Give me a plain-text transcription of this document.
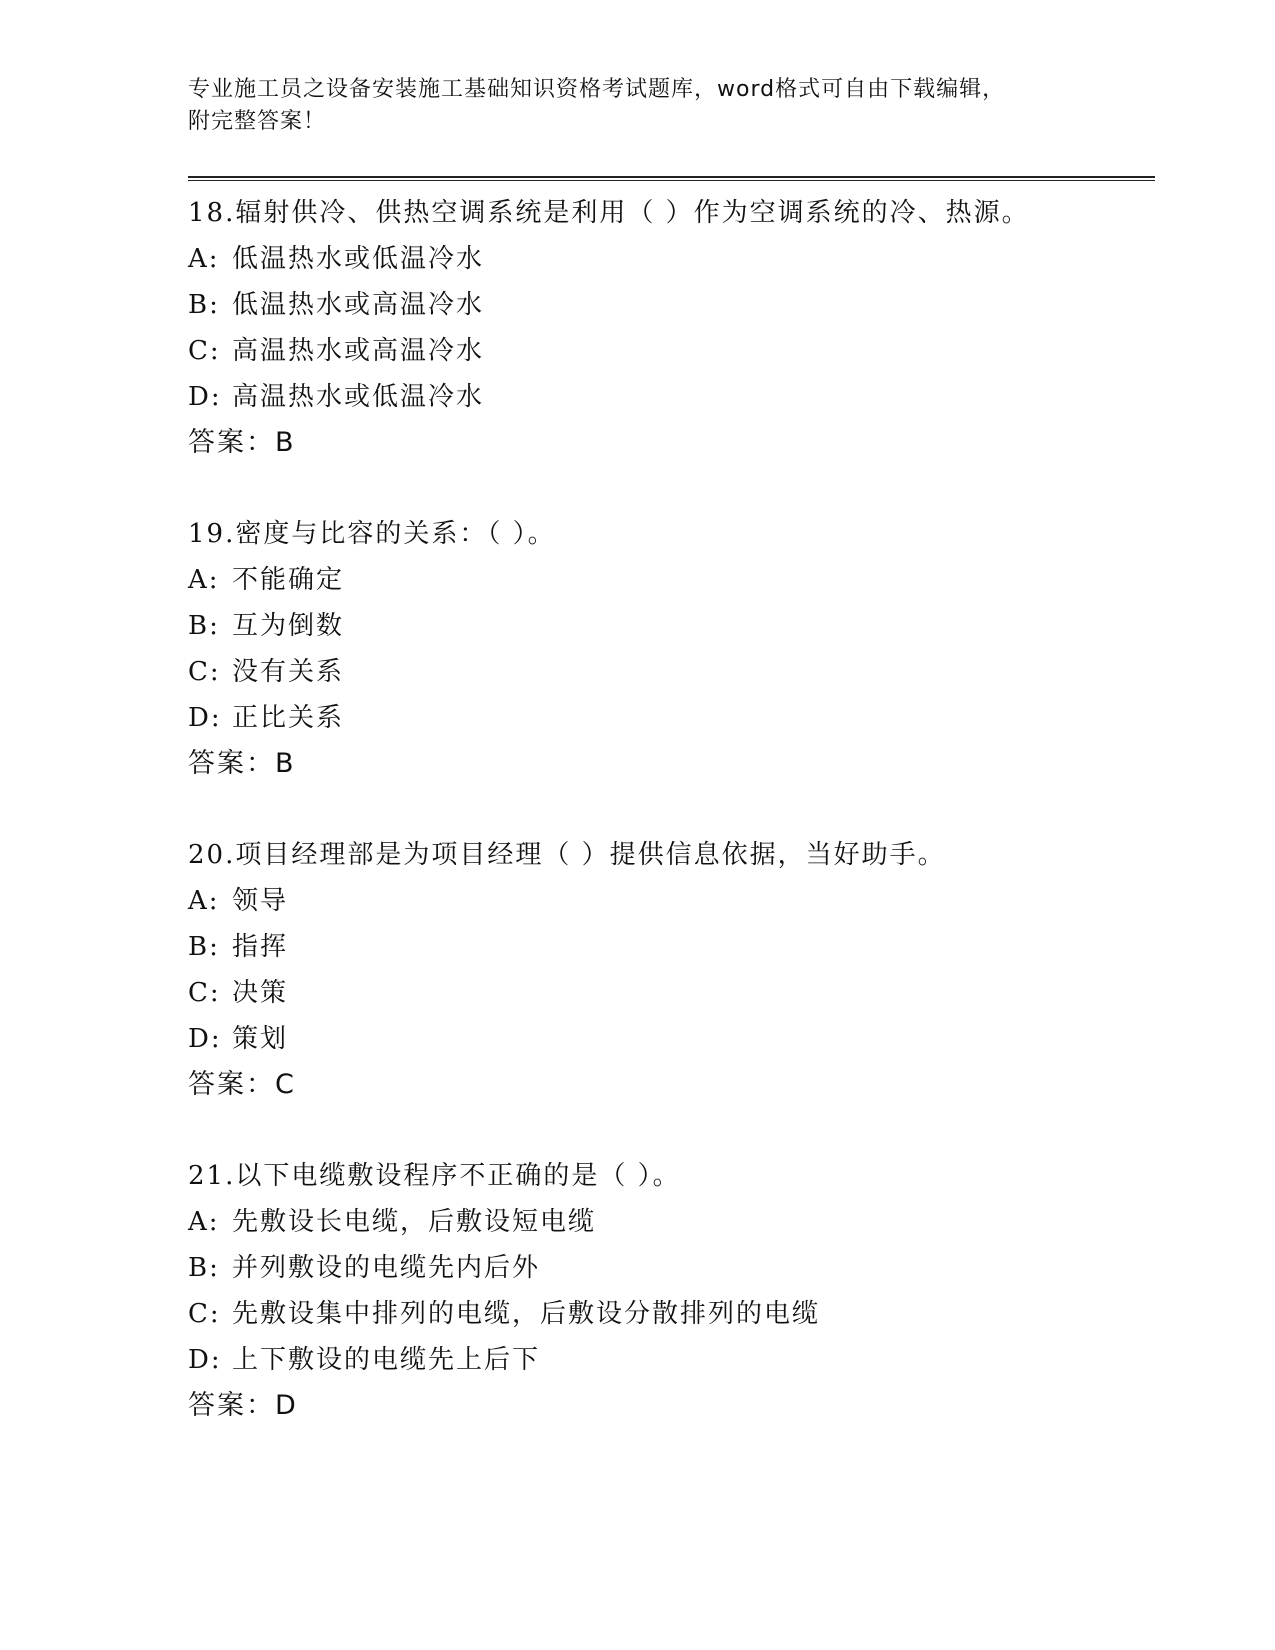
专业施工员之设备安装施工基础知识资格考试题库，word格式可自由下载编辑，
附完整答案！
18.辐射供冷、供热空调系统是利用（ ）作为空调系统的冷、热源。
A: 低温热水或低温冷水
B: 低温热水或高温冷水
C: 高温热水或高温冷水
D: 高温热水或低温冷水
答案：B
19.密度与比容的关系：（ ）。
A: 不能确定
B: 互为倒数
C: 没有关系
D: 正比关系
答案：B
20.项目经理部是为项目经理（ ）提供信息依据，当好助手。
A: 领导
B: 指挥
C: 决策
D: 策划
答案：C
21.以下电缆敷设程序不正确的是（ ）。
A: 先敷设长电缆，后敷设短电缆
B: 并列敷设的电缆先内后外
C: 先敷设集中排列的电缆，后敷设分散排列的电缆
D: 上下敷设的电缆先上后下
答案：D
